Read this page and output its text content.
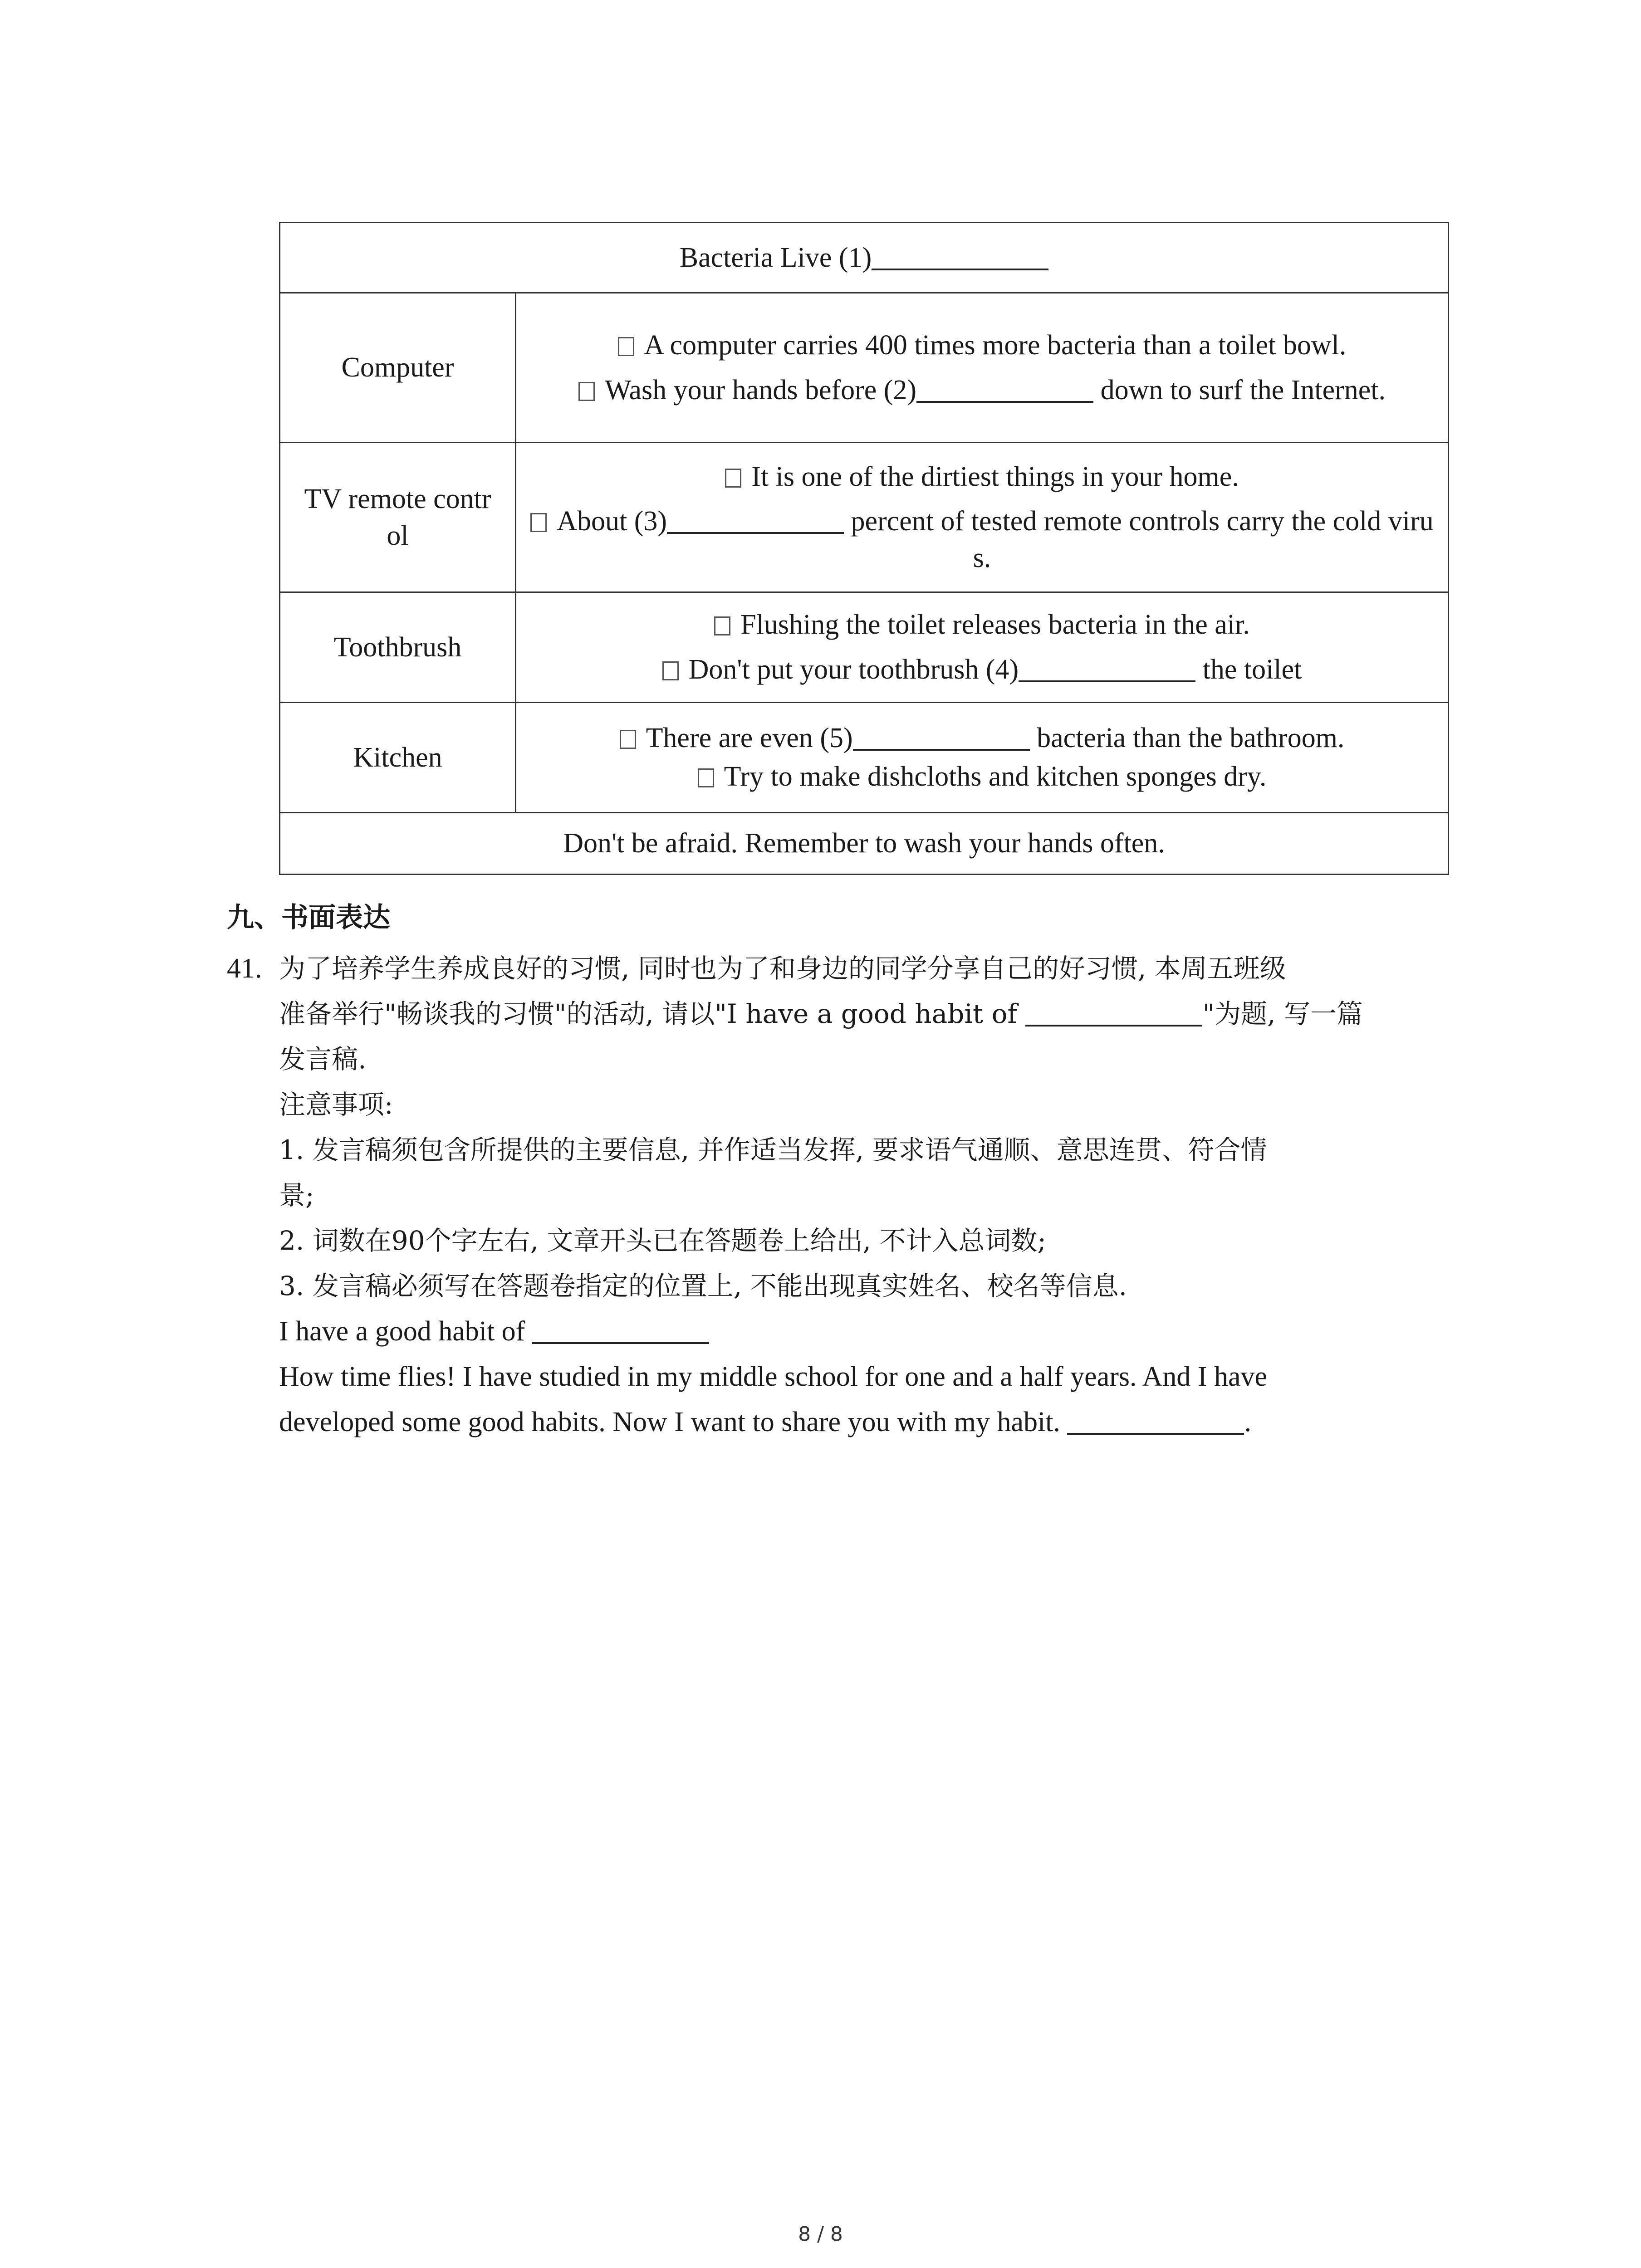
Bacteria Live (1)	
Computer	A computer carries 400 times more bacteria than a toilet bowl.
Wash your hands before (2) down to surf the Internet.

TV remote control	It is one of the dirtiest things in your home.
About (3) percent of tested remote controls carry the cold virus.

Toothbrush	Flushing the toilet releases bacteria in the air.
Don't put your toothbrush (4) the toilet

Kitchen	There are even (5) bacteria than the bathroom.
Try to make dishcloths and kitchen sponges dry.

Don't be afraid. Remember to wash your hands often.	
九、书面表达
41. 为了培养学生养成良好的习惯, 同时也为了和身边的同学分享自己的好习惯, 本周五班级
准备举行"畅谈我的习惯"的活动, 请以"I have a good habit of	"为题, 写一篇
发言稿.
注意事项:
1. 发言稿须包含所提供的主要信息, 并作适当发挥, 要求语气通顺、意思连贯、符合情
景;
2. 词数在90个字左右, 文章开头已在答题卷上给出, 不计入总词数;
3. 发言稿必须写在答题卷指定的位置上, 不能出现真实姓名、校名等信息.
I have a good habit of
How time flies! I have studied in my middle school for one and a half years. And I have
developed some good habits. Now I want to share you with my habit.	.
8 / 8
